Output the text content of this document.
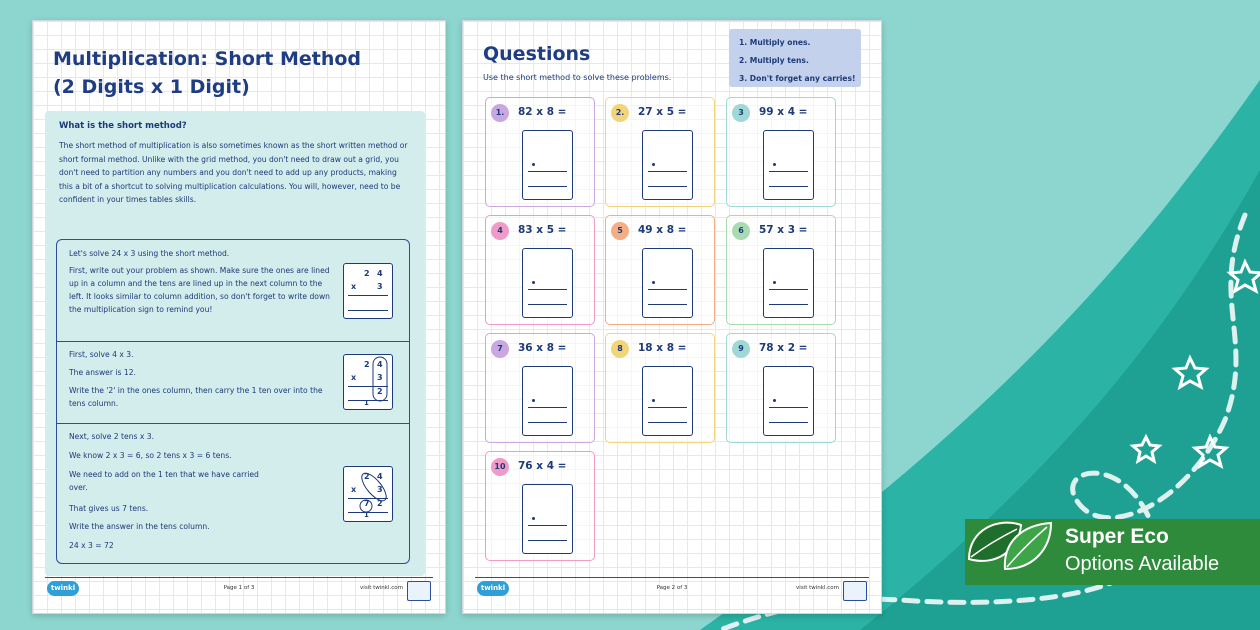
Multiplication: Short Method
(2 Digits x 1 Digit)
What is the short method?

The short method of multiplication is also sometimes known as the short written method or short formal method. Unlike with the grid method, you don't need to draw out a grid, you don't need to partition any numbers and you don't need to add up any products, making this a bit of a shortcut to solving multiplication calculations. You will, however, need to be confident in your times tables skills.

Let's solve 24 x 3 using the short method.

First, write out your problem as shown. Make sure the ones are lined up in a column and the tens are lined up in the next column to the left. It looks similar to column addition, so don't forget to write down the multiplication sign to remind you!

2 4
x	3

First, solve 4 x 3.

The answer is 12.

Write the '2' in the ones column, then carry the 1 ten over into the tens column.

2 4
x	3
2
1

Next, solve 2 tens x 3.

We know 2 x 3 = 6, so 2 tens x 3 = 6 tens.

We need to add on the 1 ten that we have carried over.

That gives us 7 tens.

Write the answer in the tens column.

24 x 3 = 72

2 4
x	3
7 2
1
twinkl	Page 1 of 3	visit twinkl.com
Questions
Use the short method to solve these problems.
1. Multiply ones.
2. Multiply tens.
3. Don't forget any carries!
1.	82 x 8 =	2.	27 x 5 =	3	99 x 4 =
4	83 x 5 =	5	49 x 8 =	6	57 x 3 =
7	36 x 8 =	8	18 x 8 =	9	78 x 2 =
10	76 x 4 =
twinkl	Page 2 of 3	visit twinkl.com
Super Eco
Options Available
